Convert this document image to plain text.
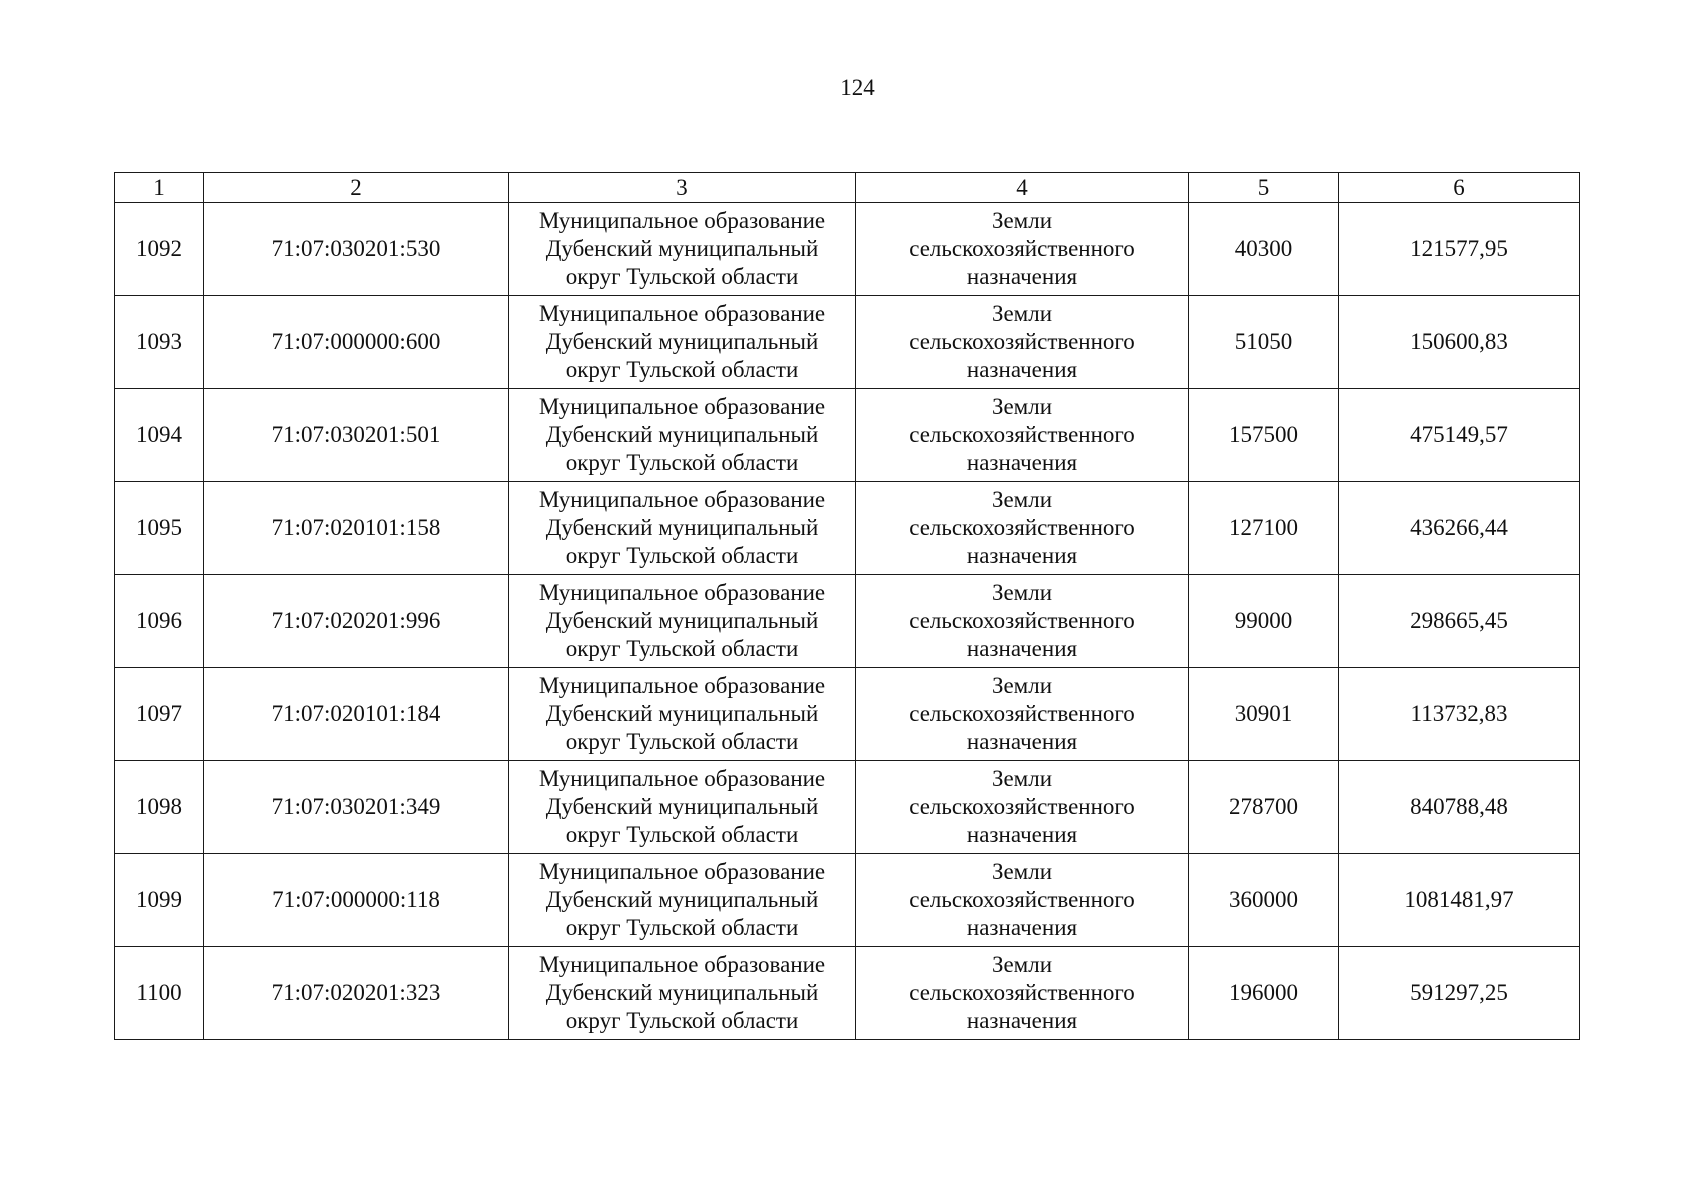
124
1	2	3	4	5	6
1092	71:07:030201:530	Муниципальное образование
Дубенский муниципальный
округ Тульской области	Земли
сельскохозяйственного
назначения	40300	121577,95
1093	71:07:000000:600	Муниципальное образование
Дубенский муниципальный
округ Тульской области	Земли
сельскохозяйственного
назначения	51050	150600,83
1094	71:07:030201:501	Муниципальное образование
Дубенский муниципальный
округ Тульской области	Земли
сельскохозяйственного
назначения	157500	475149,57
1095	71:07:020101:158	Муниципальное образование
Дубенский муниципальный
округ Тульской области	Земли
сельскохозяйственного
назначения	127100	436266,44
1096	71:07:020201:996	Муниципальное образование
Дубенский муниципальный
округ Тульской области	Земли
сельскохозяйственного
назначения	99000	298665,45
1097	71:07:020101:184	Муниципальное образование
Дубенский муниципальный
округ Тульской области	Земли
сельскохозяйственного
назначения	30901	113732,83
1098	71:07:030201:349	Муниципальное образование
Дубенский муниципальный
округ Тульской области	Земли
сельскохозяйственного
назначения	278700	840788,48
1099	71:07:000000:118	Муниципальное образование
Дубенский муниципальный
округ Тульской области	Земли
сельскохозяйственного
назначения	360000	1081481,97
1100	71:07:020201:323	Муниципальное образование
Дубенский муниципальный
округ Тульской области	Земли
сельскохозяйственного
назначения	196000	591297,25
